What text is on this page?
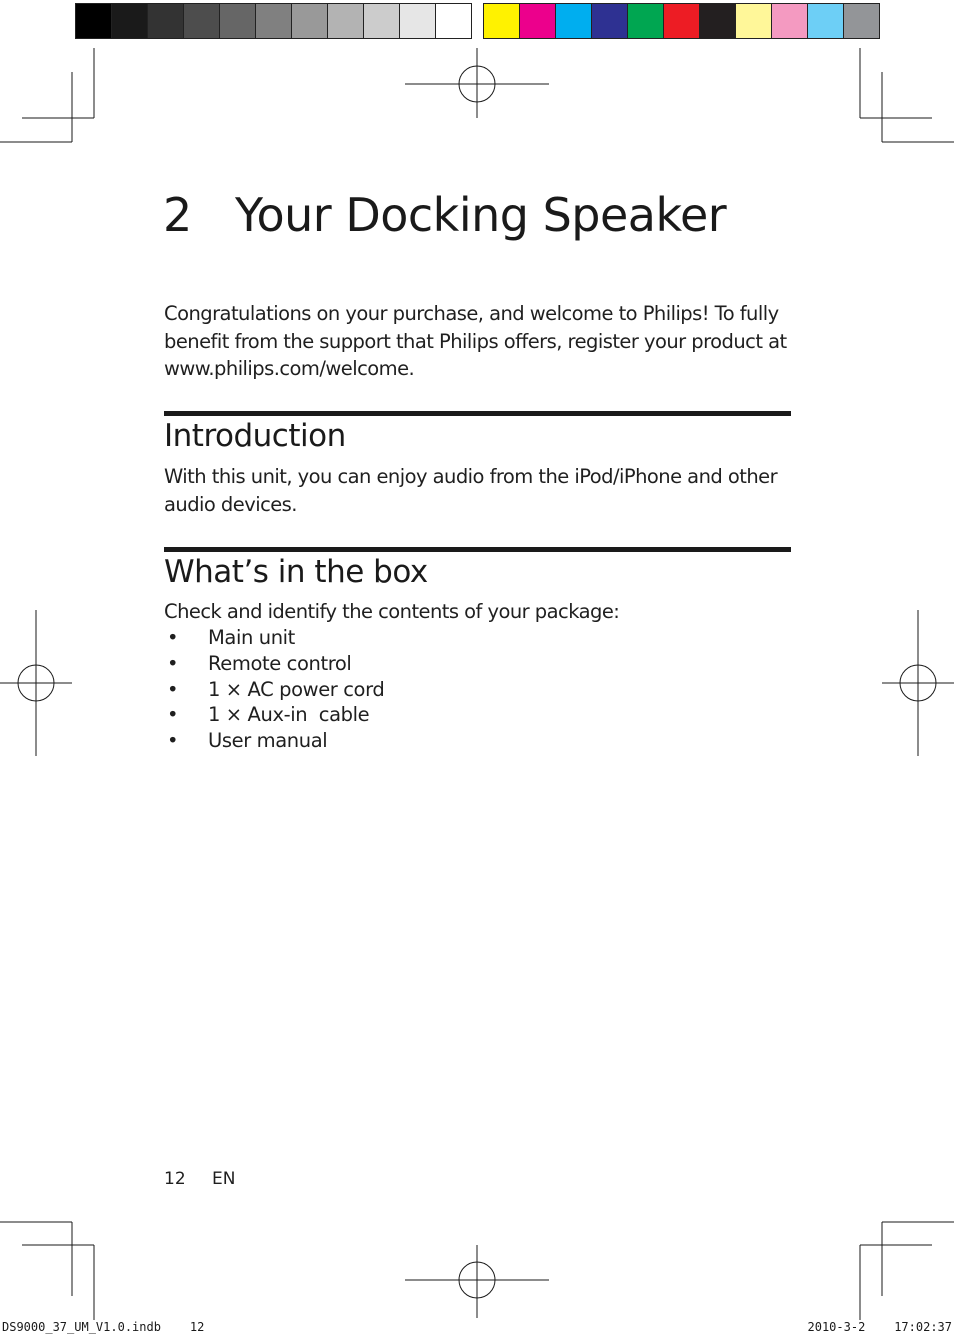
2 Your Docking Speaker

Congratulations on your purchase, and welcome to Philips! To fully benefit from the support that Philips offers, register your product at www.philips.com/welcome.

Introduction

With this unit, you can enjoy audio from the iPod/iPhone and other audio devices.

What’s in the box

Check and identify the contents of your package:

• Main unit
• Remote control
• 1 × AC power cord
• 1 × Aux-in  cable
• User manual
12 EN
DS9000_37_UM_V1.0.indb    12	2010-3-2    17:02:37
